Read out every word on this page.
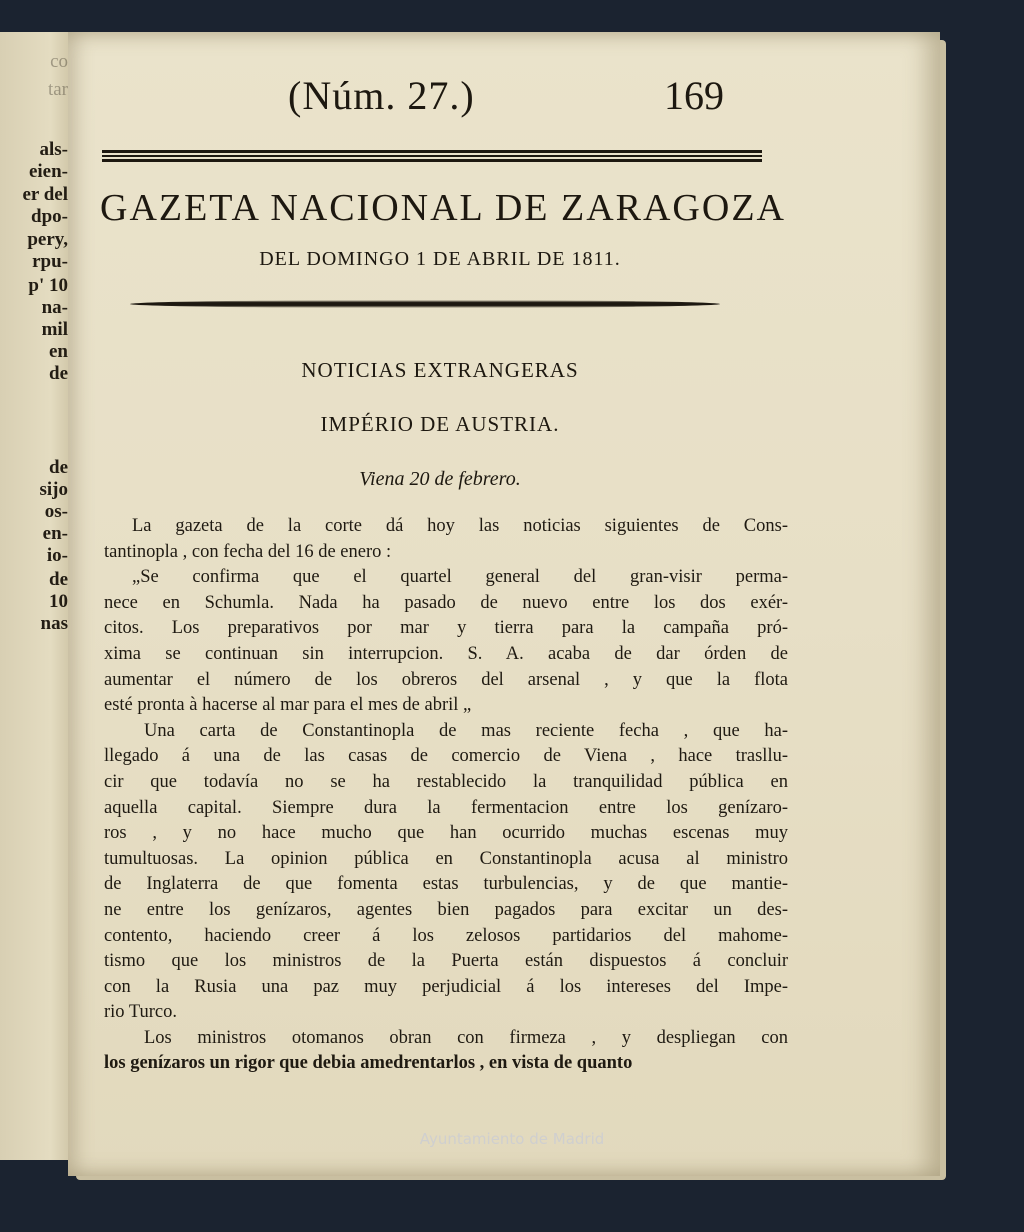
co
tar
als-
eien-
er del
dpo-
pery,
rpu-
p' 10
na-
mil
en
de
de
sijo
os-
en-
io-
de
10
nas
(Núm. 27.)	169
GAZETA NACIONAL DE ZARAGOZA
DEL DOMINGO 1 DE ABRIL DE 1811.
NOTICIAS EXTRANGERAS
IMPÉRIO DE AUSTRIA.
Viena 20 de febrero.
La gazeta de la corte dá hoy las noticias siguientes de Cons-
tantinopla , con fecha del 16 de enero :
„Se confirma que el quartel general del gran-visir perma-
nece en Schumla. Nada ha pasado de nuevo entre los dos exér-
citos. Los preparativos por mar y tierra para la campaña pró-
xima se continuan sin interrupcion. S. A. acaba de dar órden de
aumentar el número de los obreros del arsenal , y que la flota
esté pronta à hacerse al mar para el mes de abril „
Una carta de Constantinopla de mas reciente fecha , que ha-
llegado á una de las casas de comercio de Viena , hace trasllu-
cir que todavía no se ha restablecido la tranquilidad pública en
aquella capital. Siempre dura la fermentacion entre los genízaro-
ros , y no hace mucho que han ocurrido muchas escenas muy
tumultuosas. La opinion pública en Constantinopla acusa al ministro
de Inglaterra de que fomenta estas turbulencias, y de que mantie-
ne entre los genízaros, agentes bien pagados para excitar un des-
contento, haciendo creer á los zelosos partidarios del mahome-
tismo que los ministros de la Puerta están dispuestos á concluir
con la Rusia una paz muy perjudicial á los intereses del Impe-
rio Turco.
Los ministros otomanos obran con firmeza , y despliegan con
los genízaros un rigor que debia amedrentarlos , en vista de quanto
Ayuntamiento de Madrid
